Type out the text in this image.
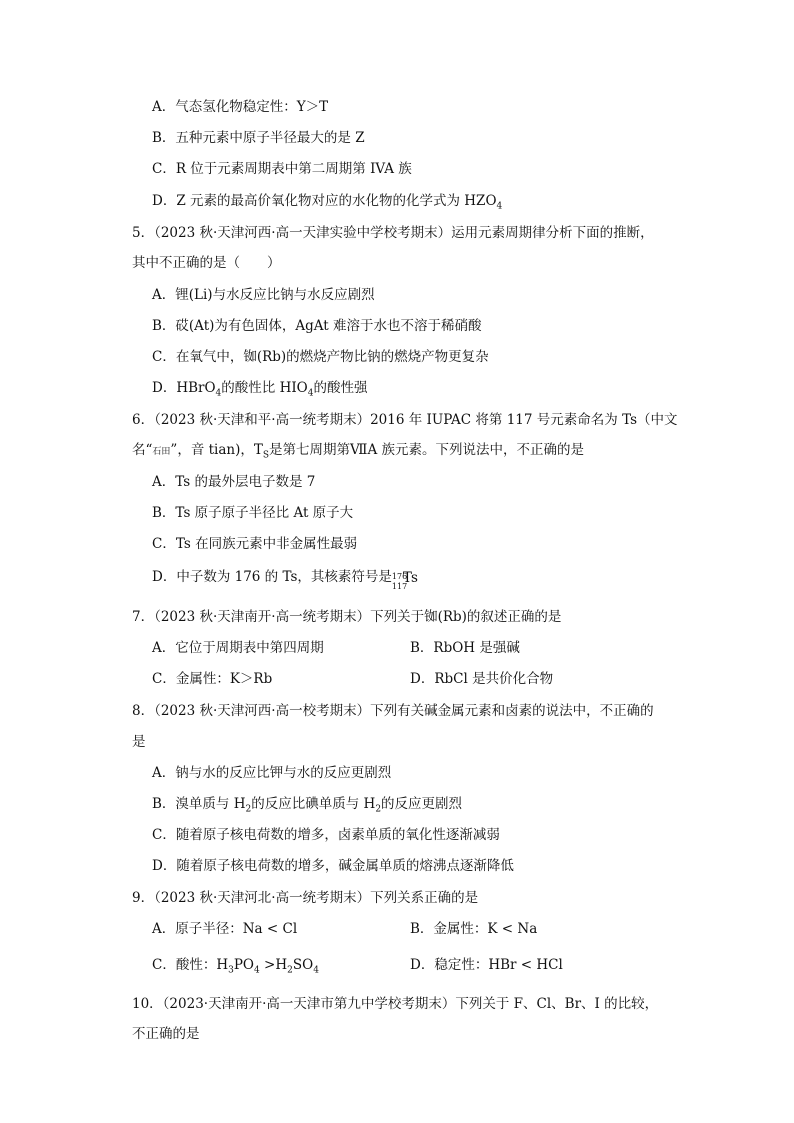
A．气态氢化物稳定性：Y＞T
B．五种元素中原子半径最大的是 Z
C．R 位于元素周期表中第二周期第 IVA 族
D．Z 元素的最高价氧化物对应的水化物的化学式为 $HZO_4$
5．（2023 秋·天津河西·高一天津实验中学校考期末）运用元素周期律分析下面的推断，
其中不正确的是（　　）
A．锂(Li)与水反应比钠与水反应剧烈
B．砹(At)为有色固体，AgAt 难溶于水也不溶于稀硝酸
C．在氧气中，铷(Rb)的燃烧产物比钠的燃烧产物更复杂
D．HBrO$_4$的酸性比 $HIO_4$的酸性强
6．（2023 秋·天津和平·高一统考期末）2016 年 IUPAC 将第 117 号元素命名为 Ts（中文
名“石田”，音 tian)，$T_S$是第七周期第ⅦA 族元素。下列说法中，不正确的是
A．Ts 的最外层电子数是 7
B．Ts 原子原子半径比 At 原子大
C．Ts 在同族元素中非金属性最弱
D．中子数为 176 的 Ts，其核素符号是 176
117
Ts
7．（2023 秋·天津南开·高一统考期末）下列关于铷(Rb)的叙述正确的是
A．它位于周期表中第四周期	B．RbOH 是强碱
C．金属性：K＞Rb	D．RbCl 是共价化合物
8．（2023 秋·天津河西·高一校考期末）下列有关碱金属元素和卤素的说法中，不正确的
是
A．钠与水的反应比钾与水的反应更剧烈
B．溴单质与 $H_2$的反应比碘单质与 $H_2$的反应更剧烈
C．随着原子核电荷数的增多，卤素单质的氧化性逐渐减弱
D．随着原子核电荷数的增多，碱金属单质的熔沸点逐渐降低
9．（2023 秋·天津河北·高一统考期末）下列关系正确的是
A．原子半径：Na < Cl	B．金属性：K < Na
C．酸性：$H_3PO_4 >H_2SO_4$	D．稳定性：HBr < HCl
10．（2023·天津南开·高一天津市第九中学校考期末）下列关于 F、Cl、Br、I 的比较，
不正确的是
